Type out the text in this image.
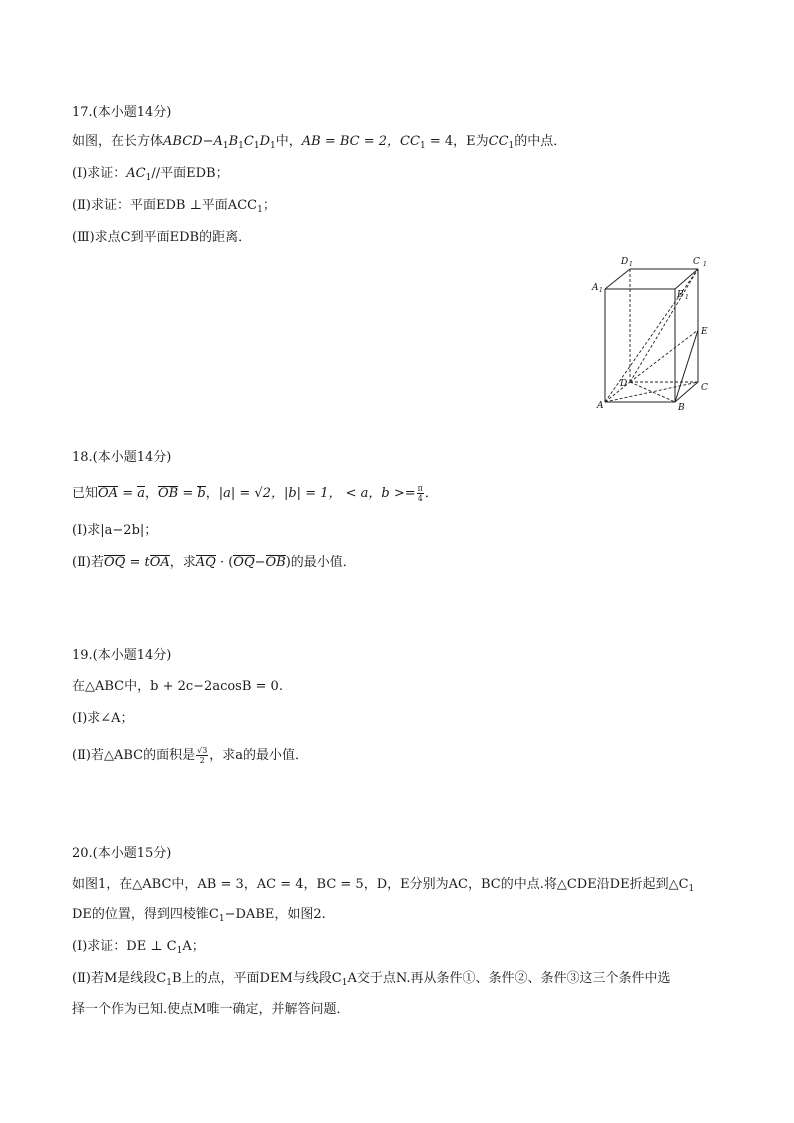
17.(本小题14分)
如图，在长方体$ABCD-A_1B_1C_1D_1$中，AB = BC = 2，$CC_1 = 4$，E为$CC_1$的中点．
(Ⅰ)求证：$AC_1//$平面EDB；
(Ⅱ)求证：平面EDB ⊥平面$ACC_1$；
(Ⅲ)求点C到平面EDB的距离．
D 1	C 1
A 1	B 1
E
D	C
A	B
18.(本小题14分)
已知OA = a，OB = b，|a| = √2，|b| = 1， < a，$b >= \frac{\pi}{4}$ ．
(Ⅰ)求|a−2b|；
(Ⅱ)若OQ = tOA，求AQ · (OQ−OB)的最小值．
19.(本小题14分)
在△ABC中，b + 2c−2acosB = 0.
(Ⅰ)求∠A；
(Ⅱ)若△ABC的面积是 $\frac{√3}{2}$ ，求a的最小值．
20.(本小题15分)
如图1，在△ABC中，AB = 3，AC = 4，BC = 5，D，E分别为AC，BC的中点.将△CDE沿DE折起到$\triangle C_1$
DE的位置，得到四棱锥$C_1-DABE$，如图2.
(Ⅰ)求证：DE ⊥ $C_1A$；
(Ⅱ)若M是线段$C_1B$上的点，平面DEM与线段$C_1A$交于点N.再从条件①、条件②、条件③这三个条件中选
择一个作为已知.使点M唯一确定，并解答问题．
